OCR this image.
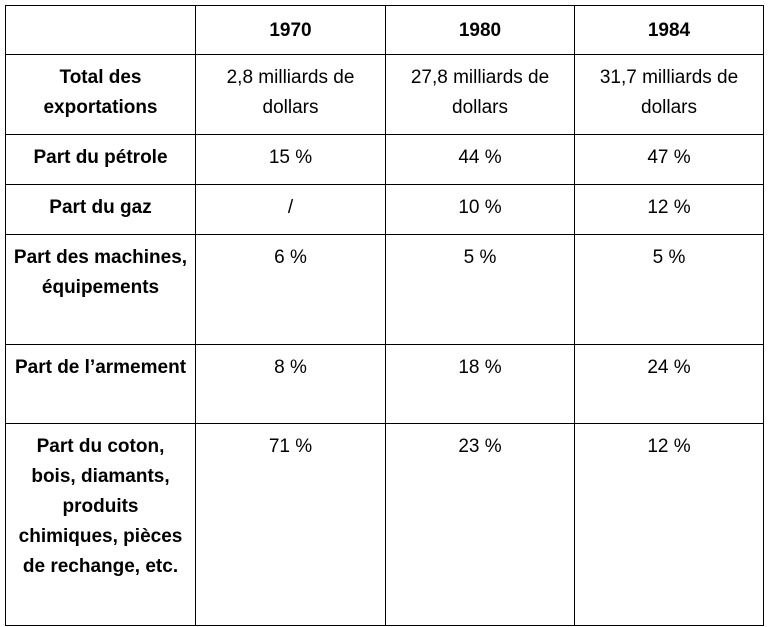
	1970	1980	1984
Total des exportations	2,8 milliards de dollars	27,8 milliards de dollars	31,7 milliards de dollars
Part du pétrole	15 %	44 %	47 %
Part du gaz	/	10 %	12 %
Part des machines, équipements	6 %	5 %	5 %
Part de l’armement	8 %	18 %	24 %
Part du coton, bois, diamants, produits chimiques, pièces de rechange, etc.	71 %	23 %	12 %
